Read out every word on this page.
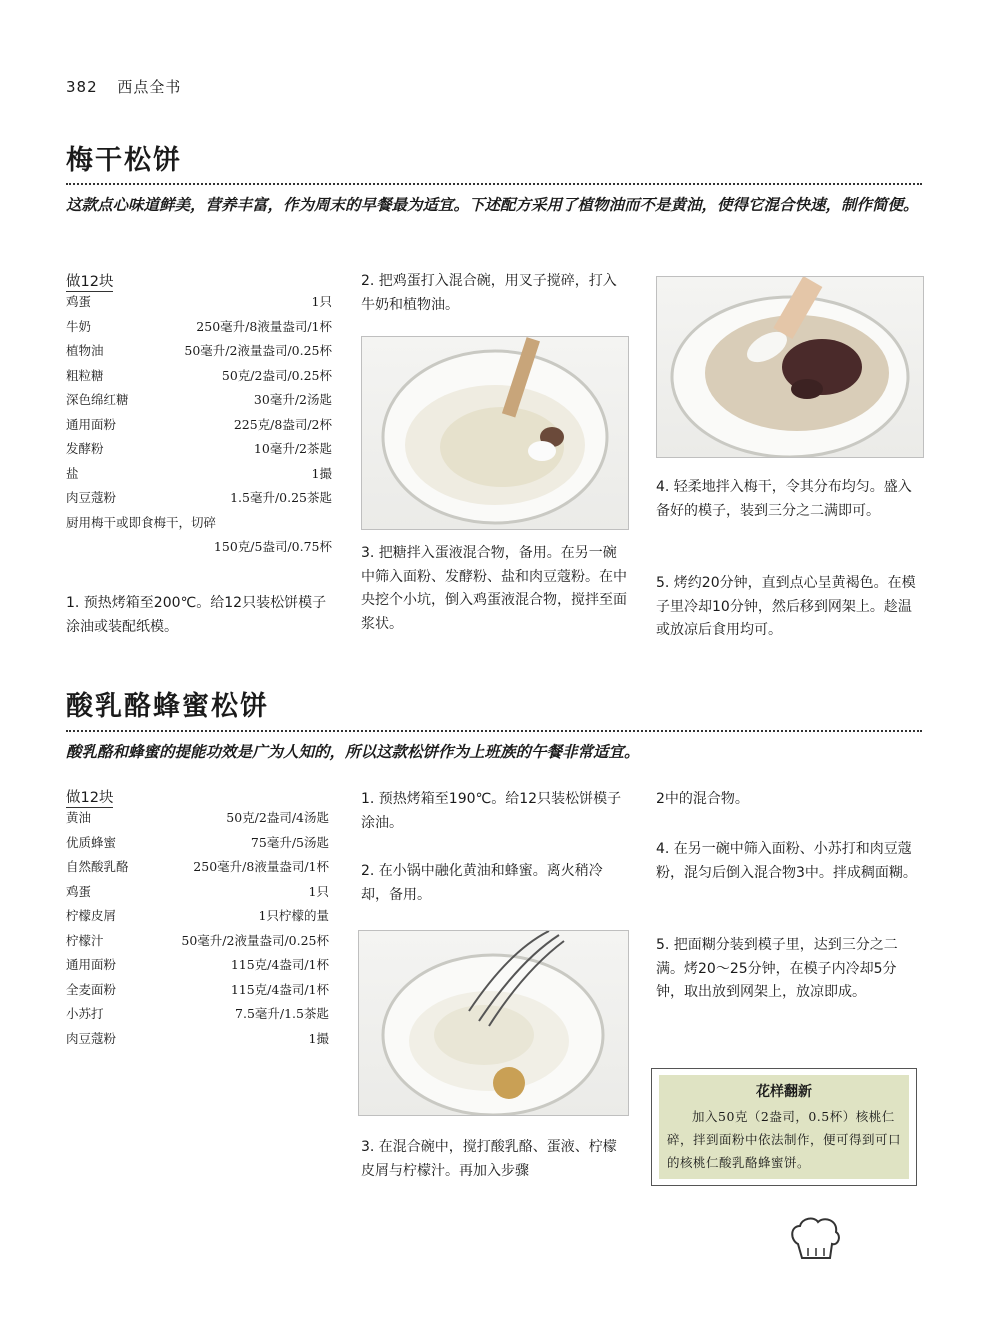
382 西点全书
梅干松饼
这款点心味道鲜美，营养丰富，作为周末的早餐最为适宜。下述配方采用了植物油而不是黄油，使得它混合快速，制作简便。
做12块
鸡蛋	1只
牛奶	250毫升/8液量盎司/1杯
植物油	50毫升/2液量盎司/0.25杯
粗粒糖	50克/2盎司/0.25杯
深色绵红糖	30毫升/2汤匙
通用面粉	225克/8盎司/2杯
发酵粉	10毫升/2茶匙
盐	1撮
肉豆蔻粉	1.5毫升/0.25茶匙
厨用梅干或即食梅干，切碎
150克/5盎司/0.75杯
1. 预热烤箱至200℃。给12只装松饼模子涂油或装配纸模。
2. 把鸡蛋打入混合碗，用叉子搅碎，打入牛奶和植物油。
3. 把糖拌入蛋液混合物，备用。在另一碗中筛入面粉、发酵粉、盐和肉豆蔻粉。在中央挖个小坑，倒入鸡蛋液混合物，搅拌至面浆状。
4. 轻柔地拌入梅干，令其分布均匀。盛入备好的模子，装到三分之二满即可。
5. 烤约20分钟，直到点心呈黄褐色。在模子里冷却10分钟，然后移到网架上。趁温或放凉后食用均可。
酸乳酪蜂蜜松饼
酸乳酪和蜂蜜的提能功效是广为人知的，所以这款松饼作为上班族的午餐非常适宜。
做12块
黄油	50克/2盎司/4汤匙
优质蜂蜜	75毫升/5汤匙
自然酸乳酪	250毫升/8液量盎司/1杯
鸡蛋	1只
柠檬皮屑	1只柠檬的量
柠檬汁	50毫升/2液量盎司/0.25杯
通用面粉	115克/4盎司/1杯
全麦面粉	115克/4盎司/1杯
小苏打	7.5毫升/1.5茶匙
肉豆蔻粉	1撮
1. 预热烤箱至190℃。给12只装松饼模子涂油。
2. 在小锅中融化黄油和蜂蜜。离火稍冷却，备用。
3. 在混合碗中，搅打酸乳酪、蛋液、柠檬皮屑与柠檬汁。再加入步骤
2中的混合物。
4. 在另一碗中筛入面粉、小苏打和肉豆蔻粉，混匀后倒入混合物3中。拌成稠面糊。
5. 把面糊分装到模子里，达到三分之二满。烤20～25分钟，在模子内冷却5分钟，取出放到网架上，放凉即成。
花样翻新
加入50克（2盎司，0.5杯）核桃仁碎，拌到面粉中依法制作，便可得到可口的核桃仁酸乳酪蜂蜜饼。
